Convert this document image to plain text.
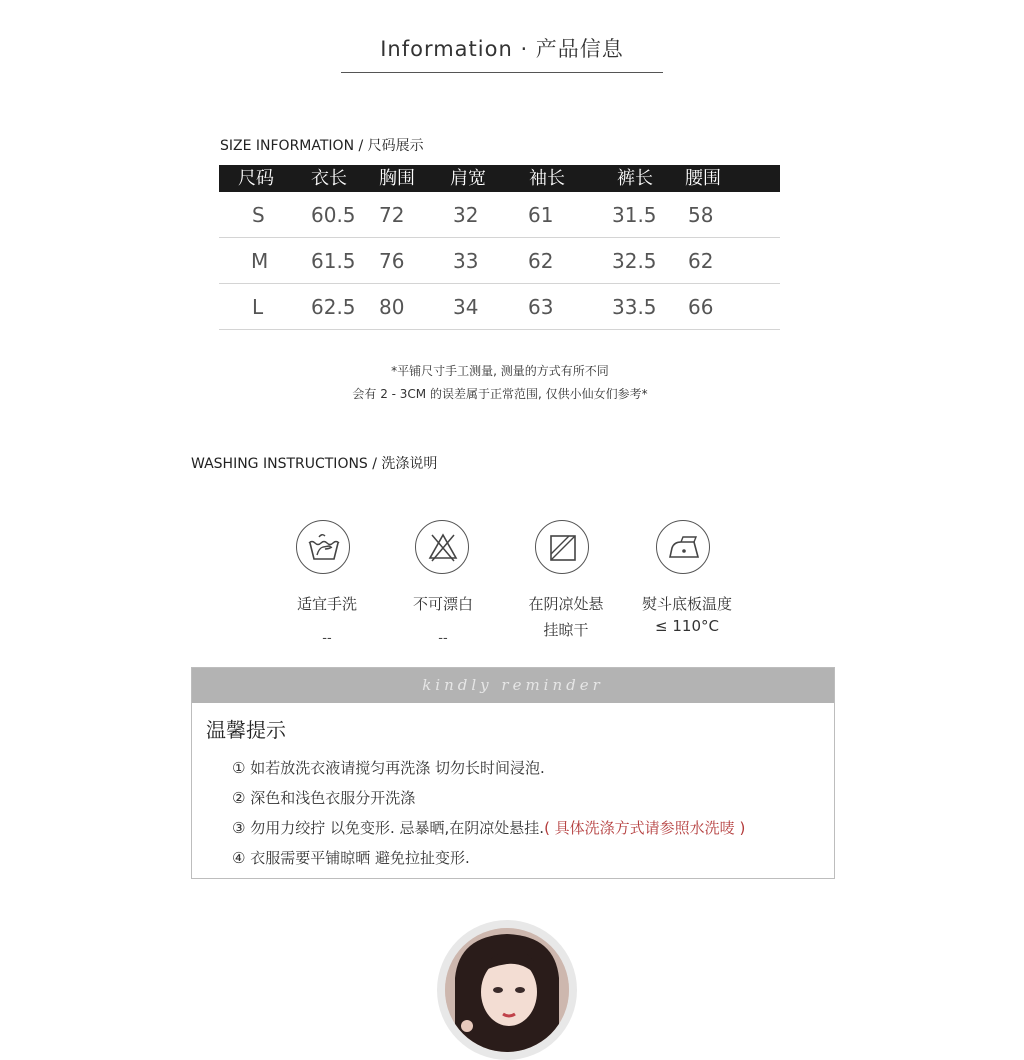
Information · 产品信息
SIZE INFORMATION / 尺码展示
尺码 衣长 胸围 肩宽 袖长	裤长 腰围
S 60.5 72 32 61	31.5 58
M 61.5 76 33 62	32.5 62
L 62.5 80 34 63	33.5 66
*平铺尺寸手工测量, 测量的方式有所不同
会有 2 - 3CM 的误差属于正常范围, 仅供小仙女们参考*
WASHING INSTRUCTIONS / 洗涤说明
适宜手洗
--
不可漂白
--
在阴凉处悬
挂晾干
熨斗底板温度
≤ 110°C
kindly reminder
温馨提示
① 如若放洗衣液请搅匀再洗涤 切勿长时间浸泡.
② 深色和浅色衣服分开洗涤
③ 勿用力绞拧 以免变形. 忌暴晒,在阴凉处悬挂.( 具体洗涤方式请参照水洗唛 )
④ 衣服需要平铺晾晒 避免拉扯变形.
